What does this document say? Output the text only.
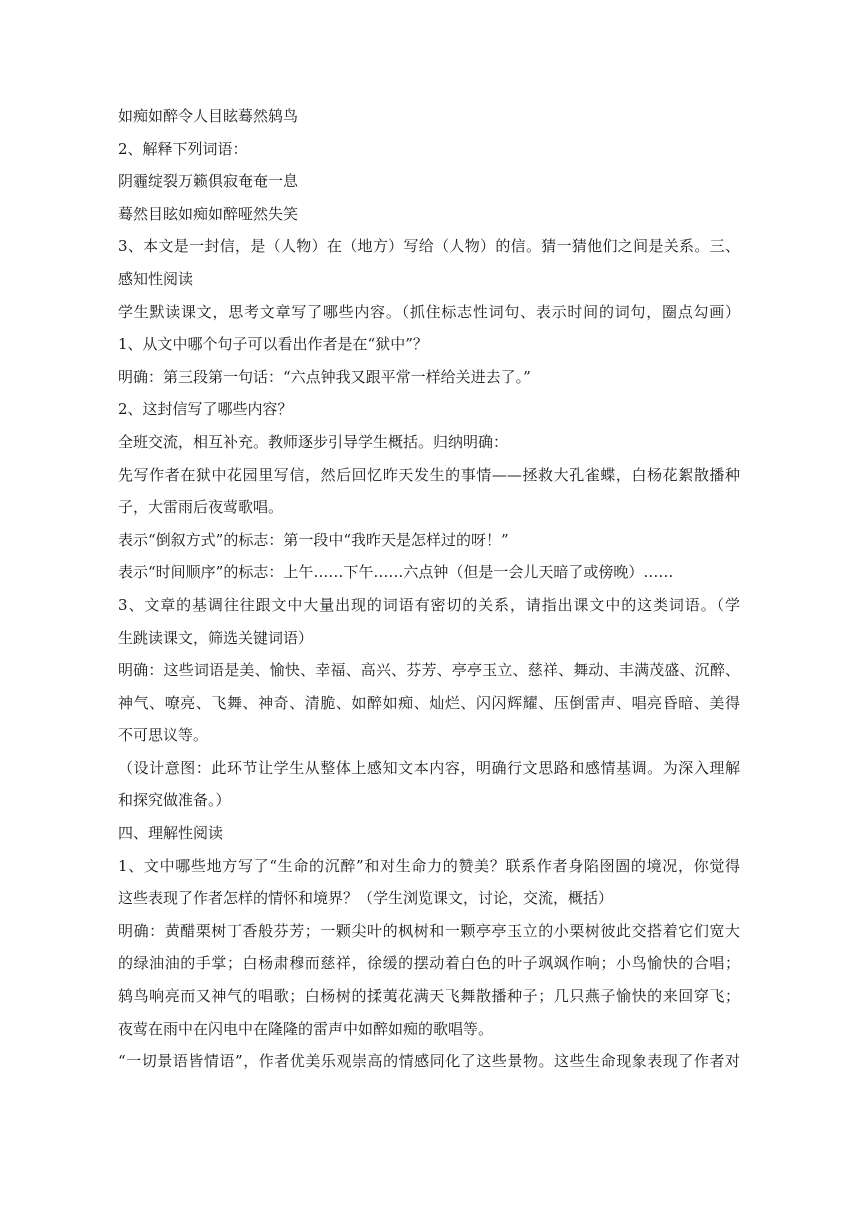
如痴如醉令人目眩蓦然鸫鸟
2、解释下列词语：
阴霾绽裂万籁俱寂奄奄一息
蓦然目眩如痴如醉哑然失笑
3、本文是一封信，是（人物）在（地方）写给（人物）的信。猜一猜他们之间是关系。三、
感知性阅读
学生默读课文，思考文章写了哪些内容。（抓住标志性词句、表示时间的词句，圈点勾画）
1、从文中哪个句子可以看出作者是在“狱中”？
明确：第三段第一句话：“六点钟我又跟平常一样给关进去了。”
2、这封信写了哪些内容？
全班交流，相互补充。教师逐步引导学生概括。归纳明确：
先写作者在狱中花园里写信，然后回忆昨天发生的事情——拯救大孔雀蝶，白杨花絮散播种
子，大雷雨后夜莺歌唱。
表示“倒叙方式”的标志：第一段中“我昨天是怎样过的呀！”
表示“时间顺序”的标志：上午……下午……六点钟（但是一会儿天暗了或傍晚）……
3、文章的基调往往跟文中大量出现的词语有密切的关系，请指出课文中的这类词语。（学
生跳读课文，筛选关键词语）
明确：这些词语是美、愉快、幸福、高兴、芬芳、亭亭玉立、慈祥、舞动、丰满茂盛、沉醉、
神气、嘹亮、飞舞、神奇、清脆、如醉如痴、灿烂、闪闪辉耀、压倒雷声、唱亮昏暗、美得
不可思议等。
（设计意图：此环节让学生从整体上感知文本内容，明确行文思路和感情基调。为深入理解
和探究做准备。）
四、理解性阅读
1、文中哪些地方写了“生命的沉醉”和对生命力的赞美？联系作者身陷囹圄的境况，你觉得
这些表现了作者怎样的情怀和境界？（学生浏览课文，讨论，交流，概括）
明确：黄醋栗树丁香般芬芳；一颗尖叶的枫树和一颗亭亭玉立的小栗树彼此交搭着它们宽大
的绿油油的手掌；白杨肃穆而慈祥，徐缓的摆动着白色的叶子飒飒作响；小鸟愉快的合唱；
鸫鸟响亮而又神气的唱歌；白杨树的揉荑花满天飞舞散播种子；几只燕子愉快的来回穿飞；
夜莺在雨中在闪电中在隆隆的雷声中如醉如痴的歌唱等。
“一切景语皆情语”，作者优美乐观崇高的情感同化了这些景物。这些生命现象表现了作者对
